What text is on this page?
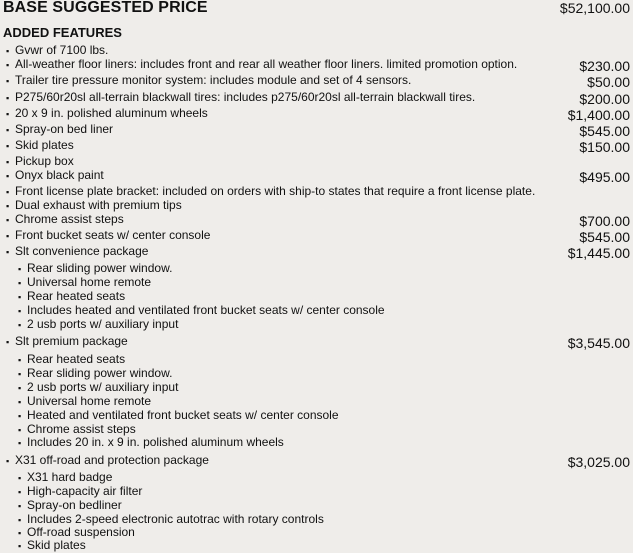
BASE SUGGESTED PRICE	$52,100.00
ADDED FEATURES
▪ Gvwr of 7100 lbs.
▪ All-weather floor liners: includes front and rear all weather floor liners. limited promotion option.	$230.00
▪ Trailer tire pressure monitor system: includes module and set of 4 sensors.	$50.00
▪ P275/60r20sl all-terrain blackwall tires: includes p275/60r20sl all-terrain blackwall tires.	$200.00
▪ 20 x 9 in. polished aluminum wheels	$1,400.00
▪ Spray-on bed liner	$545.00
▪ Skid plates	$150.00
▪ Pickup box
▪ Onyx black paint	$495.00
▪ Front license plate bracket: included on orders with ship-to states that require a front license plate.
▪ Dual exhaust with premium tips
▪ Chrome assist steps	$700.00
▪ Front bucket seats w/ center console	$545.00
▪ Slt convenience package	$1,445.00
▪ Rear sliding power window.
▪ Universal home remote
▪ Rear heated seats
▪ Includes heated and ventilated front bucket seats w/ center console
▪ 2 usb ports w/ auxiliary input
▪ Slt premium package	$3,545.00
▪ Rear heated seats
▪ Rear sliding power window.
▪ 2 usb ports w/ auxiliary input
▪ Universal home remote
▪ Heated and ventilated front bucket seats w/ center console
▪ Chrome assist steps
▪ Includes 20 in. x 9 in. polished aluminum wheels
▪ X31 off-road and protection package	$3,025.00
▪ X31 hard badge
▪ High-capacity air filter
▪ Spray-on bedliner
▪ Includes 2-speed electronic autotrac with rotary controls
▪ Off-road suspension
▪ Skid plates
